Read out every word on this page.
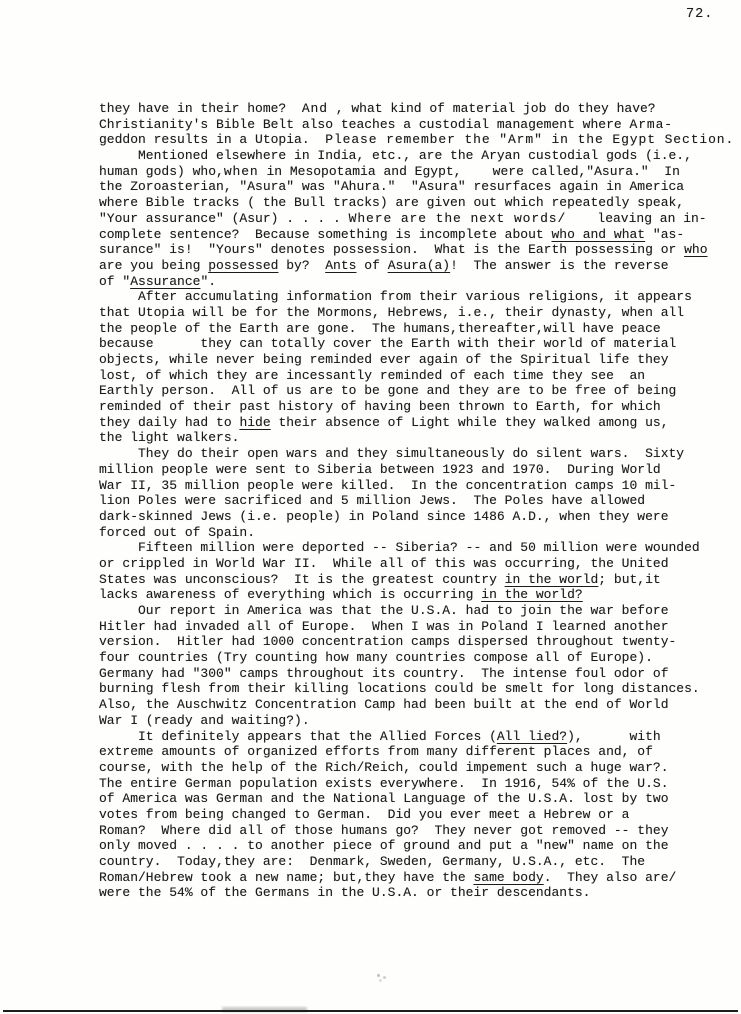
72.
they have in their home?  And , what kind of material job do they have?
Christianity's Bible Belt also teaches a custodial management where Arma-
geddon results in a Utopia.  Please remember the "Arm" in the Egypt Section.
Mentioned elsewhere in India, etc., are the Aryan custodial gods (i.e.,
human gods) who,when in Mesopotamia and Egypt,    were called,"Asura."  In
the Zoroasterian, "Asura" was "Ahura."  "Asura" resurfaces again in America
where Bible tracks ( the Bull tracks) are given out which repeatedly speak,
"Your assurance" (Asur) . . . . Where are the next words/    leaving an in-
complete sentence?  Because something is incomplete about who and what "as-
surance" is!  "Yours" denotes possession.  What is the Earth possessing or who
are you being possessed by?  Ants of Asura(a)!  The answer is the reverse
of "Assurance".
After accumulating information from their various religions, it appears
that Utopia will be for the Mormons, Hebrews, i.e., their dynasty, when all
the people of the Earth are gone.  The humans,thereafter,will have peace
because      they can totally cover the Earth with their world of material
objects, while never being reminded ever again of the Spiritual life they
lost, of which they are incessantly reminded of each time they see  an
Earthly person.  All of us are to be gone and they are to be free of being
reminded of their past history of having been thrown to Earth, for which
they daily had to hide their absence of Light while they walked among us,
the light walkers.
They do their open wars and they simultaneously do silent wars.  Sixty
million people were sent to Siberia between 1923 and 1970.  During World
War II, 35 million people were killed.  In the concentration camps 10 mil-
lion Poles were sacrificed and 5 million Jews.  The Poles have allowed
dark-skinned Jews (i.e. people) in Poland since 1486 A.D., when they were
forced out of Spain.
Fifteen million were deported -- Siberia? -- and 50 million were wounded
or crippled in World War II.  While all of this was occurring, the United
States was unconscious?  It is the greatest country in the world; but,it
lacks awareness of everything which is occurring in the world?
Our report in America was that the U.S.A. had to join the war before
Hitler had invaded all of Europe.  When I was in Poland I learned another
version.  Hitler had 1000 concentration camps dispersed throughout twenty-
four countries (Try counting how many countries compose all of Europe).
Germany had "300" camps throughout its country.  The intense foul odor of
burning flesh from their killing locations could be smelt for long distances.
Also, the Auschwitz Concentration Camp had been built at the end of World
War I (ready and waiting?).
It definitely appears that the Allied Forces (All lied?),      with
extreme amounts of organized efforts from many different places and, of
course, with the help of the Rich/Reich, could impement such a huge war?.
The entire German population exists everywhere.  In 1916, 54% of the U.S.
of America was German and the National Language of the U.S.A. lost by two
votes from being changed to German.  Did you ever meet a Hebrew or a
Roman?  Where did all of those humans go?  They never got removed -- they
only moved . . . . to another piece of ground and put a "new" name on the
country.  Today,they are:  Denmark, Sweden, Germany, U.S.A., etc.  The
Roman/Hebrew took a new name; but,they have the same body.  They also are/
were the 54% of the Germans in the U.S.A. or their descendants.
